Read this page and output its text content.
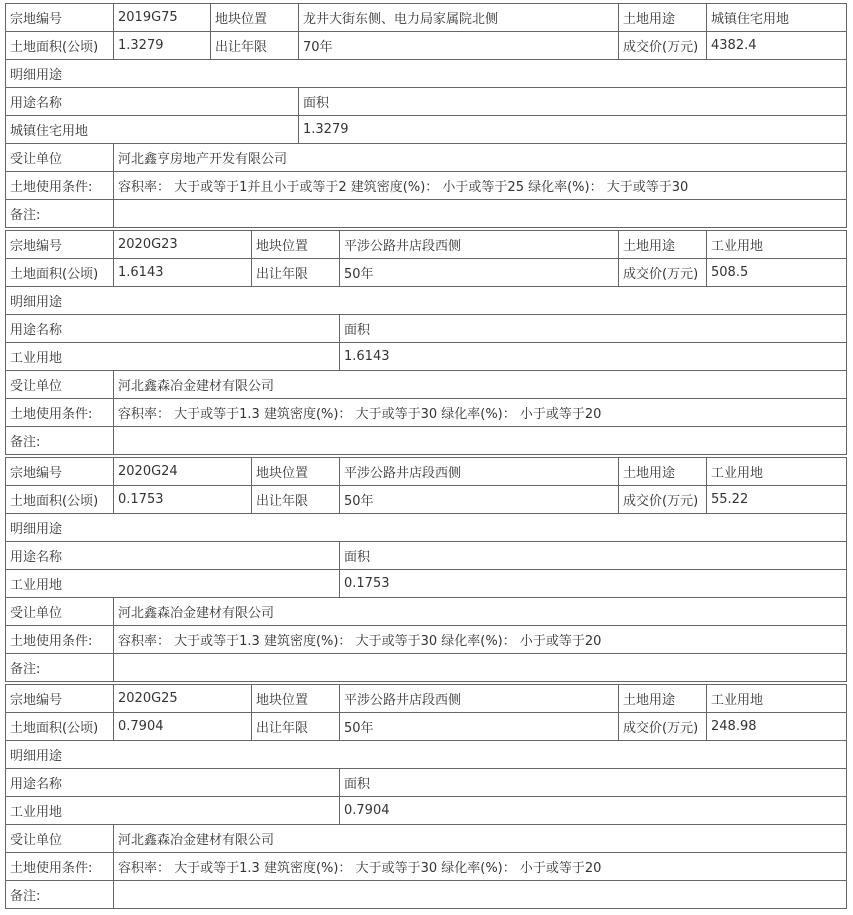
宗地编号	2019G75	地块位置	龙井大街东侧、电力局家属院北侧	土地用途	城镇住宅用地
土地面积(公顷)	1.3279	出让年限	70年	成交价(万元)	4382.4
明细用途					
用途名称			面积		
城镇住宅用地			1.3279		
受让单位	河北鑫亨房地产开发有限公司				
土地使用条件:	容积率： 大于或等于1并且小于或等于2 建筑密度(%)： 小于或等于25 绿化率(%)： 大于或等于30				
备注:					
宗地编号	2020G23	地块位置	平涉公路井店段西侧	土地用途	工业用地
土地面积(公顷)	1.6143	出让年限	50年	成交价(万元)	508.5
明细用途					
用途名称			面积		
工业用地			1.6143		
受让单位	河北鑫森冶金建材有限公司				
土地使用条件:	容积率： 大于或等于1.3 建筑密度(%)： 大于或等于30 绿化率(%)： 小于或等于20				
备注:					
宗地编号	2020G24	地块位置	平涉公路井店段西侧	土地用途	工业用地
土地面积(公顷)	0.1753	出让年限	50年	成交价(万元)	55.22
明细用途					
用途名称			面积		
工业用地			0.1753		
受让单位	河北鑫森冶金建材有限公司				
土地使用条件:	容积率： 大于或等于1.3 建筑密度(%)： 大于或等于30 绿化率(%)： 小于或等于20				
备注:					
宗地编号	2020G25	地块位置	平涉公路井店段西侧	土地用途	工业用地
土地面积(公顷)	0.7904	出让年限	50年	成交价(万元)	248.98
明细用途					
用途名称			面积		
工业用地			0.7904		
受让单位	河北鑫森冶金建材有限公司				
土地使用条件:	容积率： 大于或等于1.3 建筑密度(%)： 大于或等于30 绿化率(%)： 小于或等于20				
备注:					
